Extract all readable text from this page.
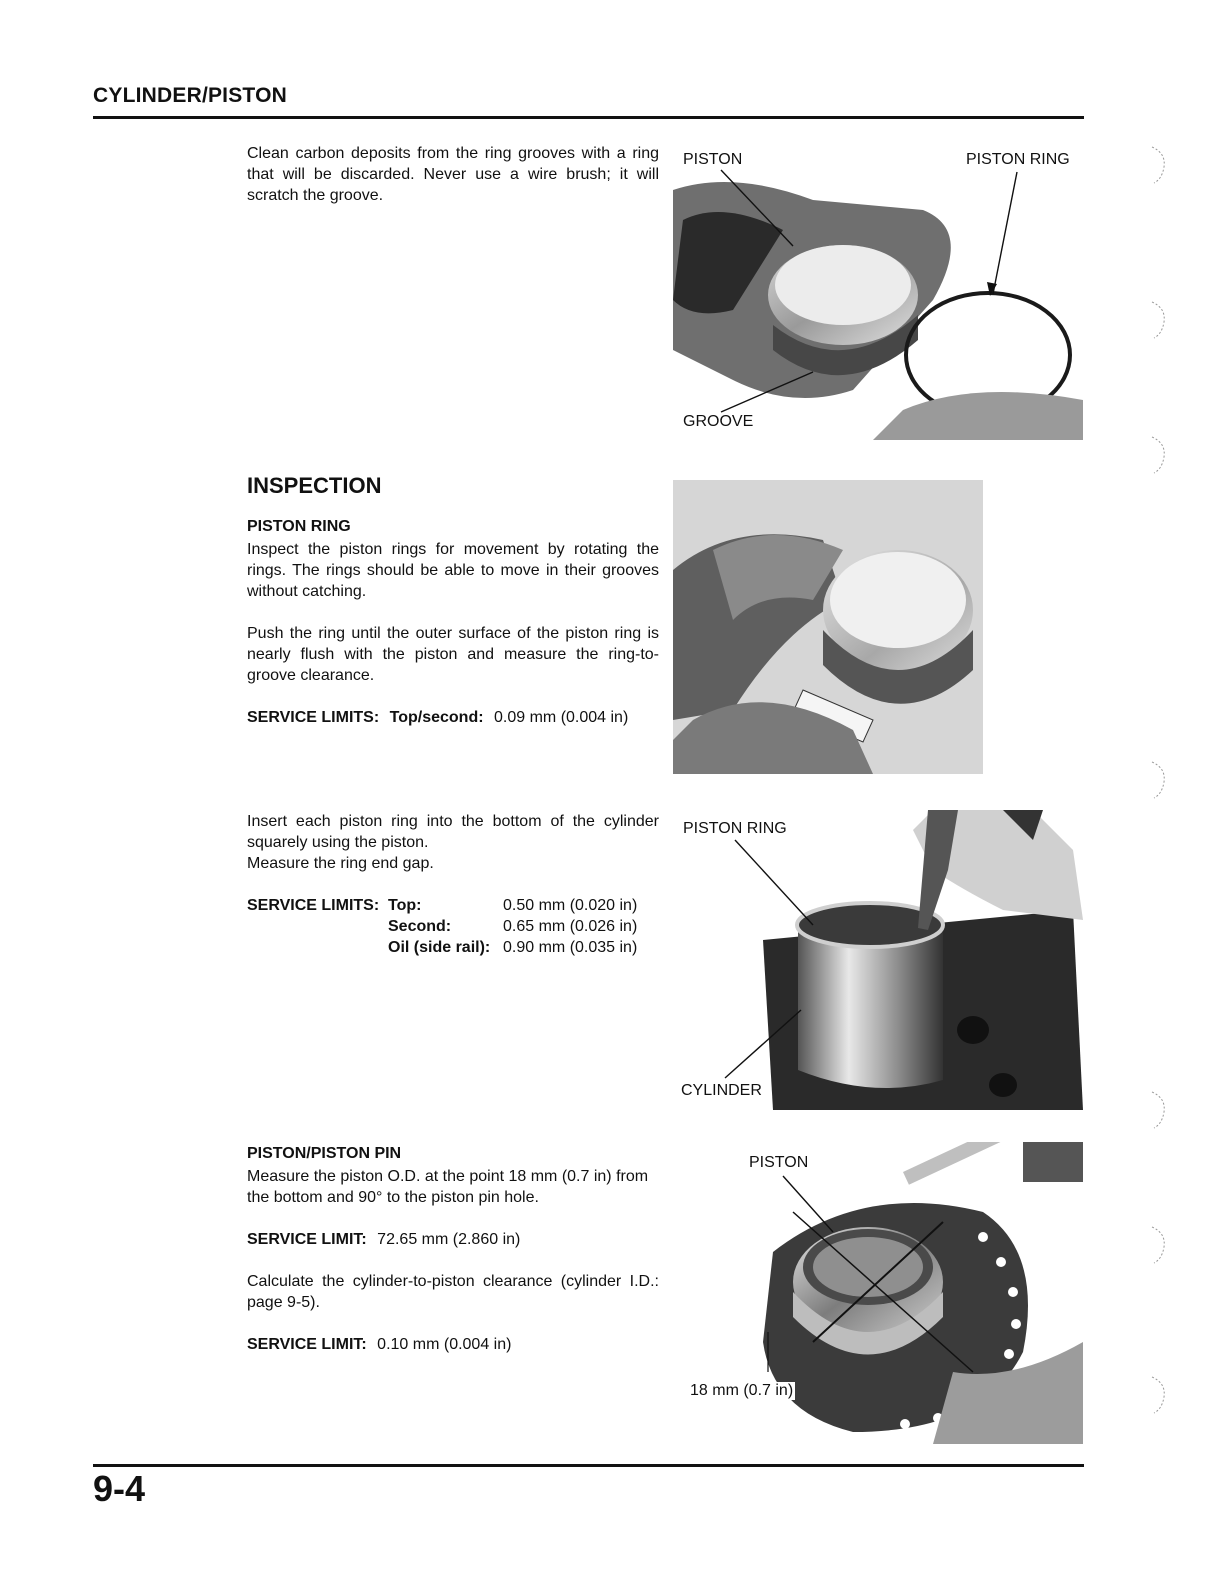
CYLINDER/PISTON
Clean carbon deposits from the ring grooves with a ring that will be discarded. Never use a wire brush; it will scratch the groove.
PISTON	PISTON RING
GROOVE
INSPECTION
PISTON RING
Inspect the piston rings for movement by rotating the rings. The rings should be able to move in their grooves without catching.
Push the ring until the outer surface of the piston ring is nearly flush with the piston and measure the ring-to-groove clearance.
SERVICE LIMITS: Top/second: 0.09 mm (0.004 in)
Insert each piston ring into the bottom of the cylinder squarely using the piston.
Measure the ring end gap.
SERVICE LIMITS: Top:	0.50 mm (0.020 in)
Second:	0.65 mm (0.026 in)
Oil (side rail): 0.90 mm (0.035 in)
PISTON RING
CYLINDER
PISTON/PISTON PIN
Measure the piston O.D. at the point 18 mm (0.7 in) from the bottom and 90° to the piston pin hole.
SERVICE LIMIT: 72.65 mm (2.860 in)
Calculate the cylinder-to-piston clearance (cylinder I.D.: page 9-5).
SERVICE LIMIT: 0.10 mm (0.004 in)
PISTON
18 mm (0.7 in)
9-4
